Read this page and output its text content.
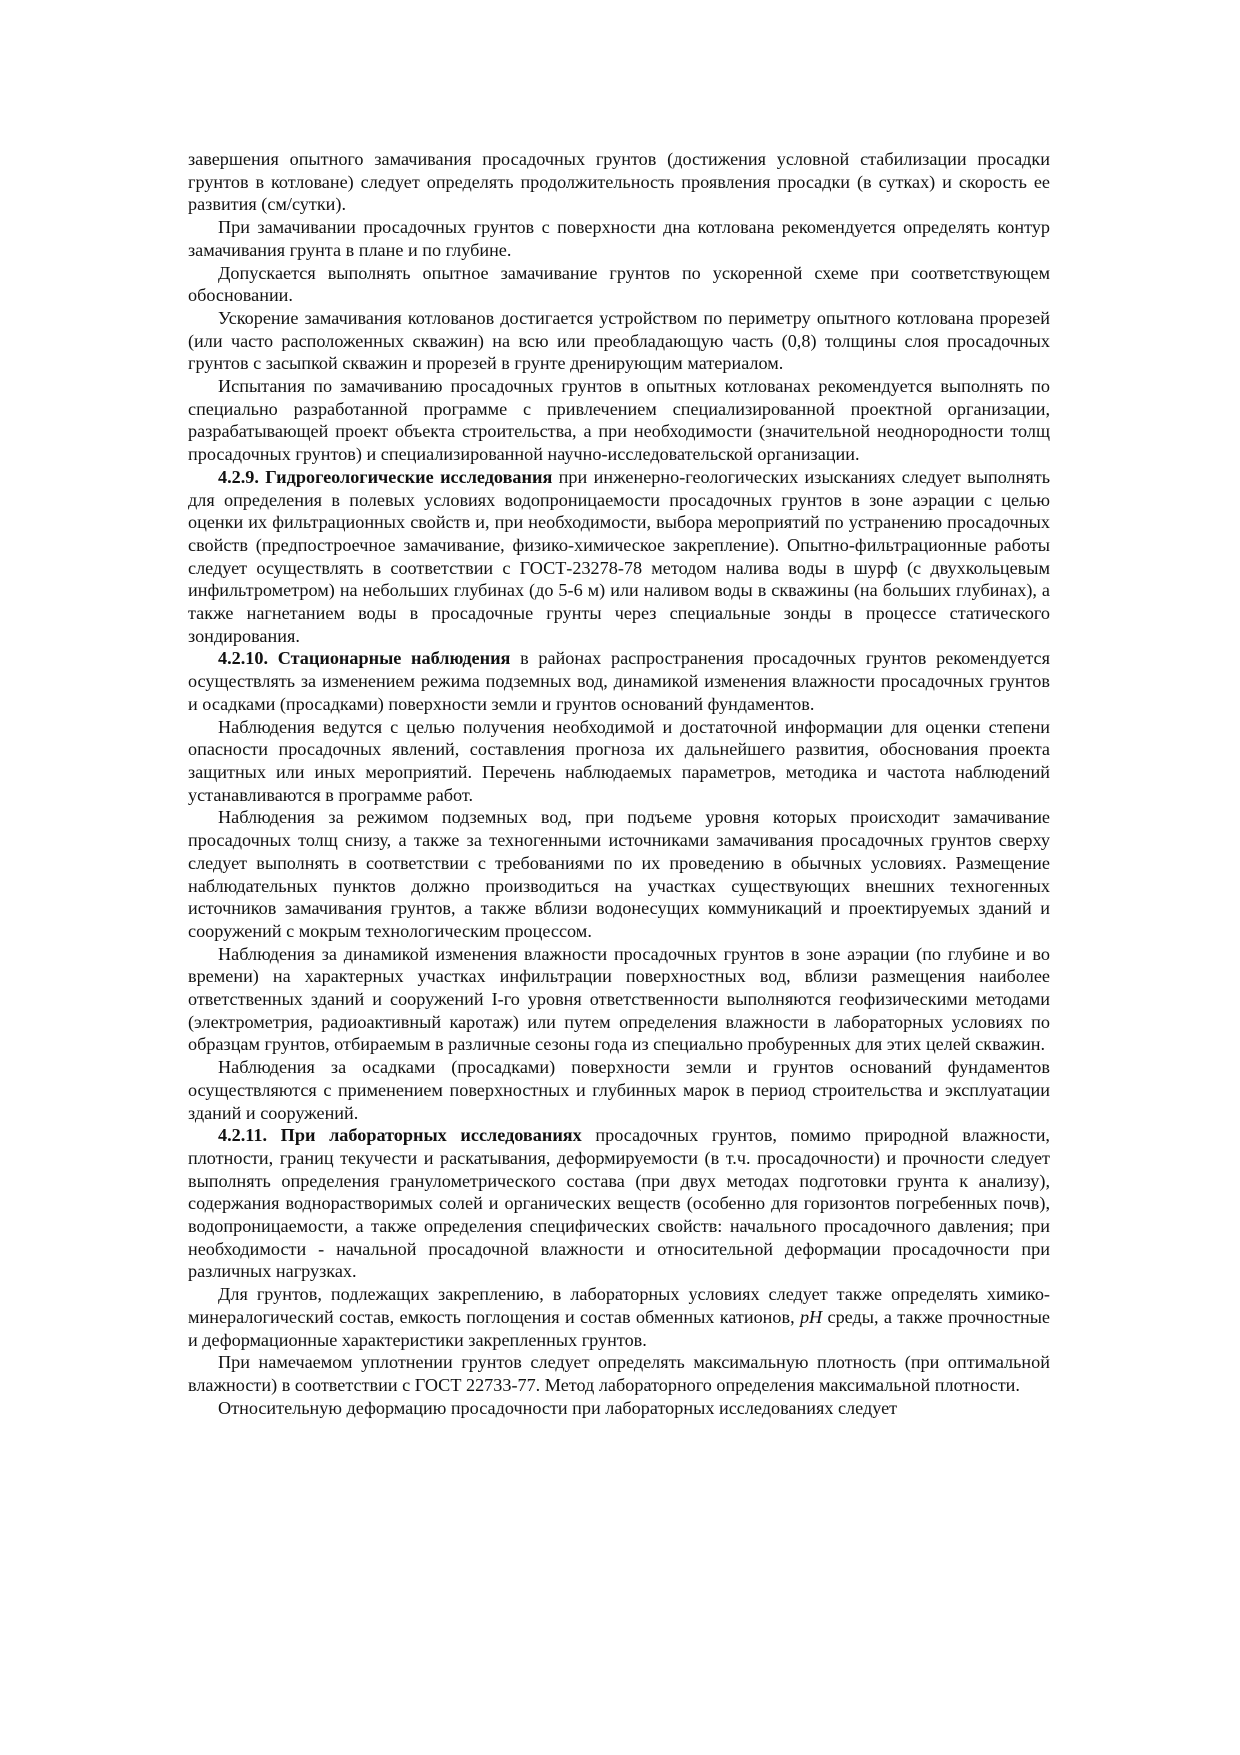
завершения опытного замачивания просадочных грунтов (достижения условной стабилизации просадки грунтов в котловане) следует определять продолжительность проявления просадки (в сутках) и скорость ее развития (см/сутки).

При замачивании просадочных грунтов с поверхности дна котлована рекомендуется определять контур замачивания грунта в плане и по глубине.

Допускается выполнять опытное замачивание грунтов по ускоренной схеме при соответствующем обосновании.

Ускорение замачивания котлованов достигается устройством по периметру опытного котлована прорезей (или часто расположенных скважин) на всю или преобладающую часть (0,8) толщины слоя просадочных грунтов с засыпкой скважин и прорезей в грунте дренирующим материалом.

Испытания по замачиванию просадочных грунтов в опытных котлованах рекомендуется выполнять по специально разработанной программе с привлечением специализированной проектной организации, разрабатывающей проект объекта строительства, а при необходимости (значительной неоднородности толщ просадочных грунтов) и специализированной научно-исследовательской организации.

4.2.9. Гидрогеологические исследования при инженерно-геологических изысканиях следует выполнять для определения в полевых условиях водопроницаемости просадочных грунтов в зоне аэрации с целью оценки их фильтрационных свойств и, при необходимости, выбора мероприятий по устранению просадочных свойств (предпостроечное замачивание, физико-химическое закрепление). Опытно-фильтрационные работы следует осуществлять в соответствии с ГОСТ-23278-78 методом налива воды в шурф (с двухкольцевым инфильтрометром) на небольших глубинах (до 5-6 м) или наливом воды в скважины (на больших глубинах), а также нагнетанием воды в просадочные грунты через специальные зонды в процессе статического зондирования.

4.2.10. Стационарные наблюдения в районах распространения просадочных грунтов рекомендуется осуществлять за изменением режима подземных вод, динамикой изменения влажности просадочных грунтов и осадками (просадками) поверхности земли и грунтов оснований фундаментов.

Наблюдения ведутся с целью получения необходимой и достаточной информации для оценки степени опасности просадочных явлений, составления прогноза их дальнейшего развития, обоснования проекта защитных или иных мероприятий. Перечень наблюдаемых параметров, методика и частота наблюдений устанавливаются в программе работ.

Наблюдения за режимом подземных вод, при подъеме уровня которых происходит замачивание просадочных толщ снизу, а также за техногенными источниками замачивания просадочных грунтов сверху следует выполнять в соответствии с требованиями по их проведению в обычных условиях. Размещение наблюдательных пунктов должно производиться на участках существующих внешних техногенных источников замачивания грунтов, а также вблизи водонесущих коммуникаций и проектируемых зданий и сооружений с мокрым технологическим процессом.

Наблюдения за динамикой изменения влажности просадочных грунтов в зоне аэрации (по глубине и во времени) на характерных участках инфильтрации поверхностных вод, вблизи размещения наиболее ответственных зданий и сооружений I-го уровня ответственности выполняются геофизическими методами (электрометрия, радиоактивный каротаж) или путем определения влажности в лабораторных условиях по образцам грунтов, отбираемым в различные сезоны года из специально пробуренных для этих целей скважин.

Наблюдения за осадками (просадками) поверхности земли и грунтов оснований фундаментов осуществляются с применением поверхностных и глубинных марок в период строительства и эксплуатации зданий и сооружений.

4.2.11. При лабораторных исследованиях просадочных грунтов, помимо природной влажности, плотности, границ текучести и раскатывания, деформируемости (в т.ч. просадочности) и прочности следует выполнять определения гранулометрического состава (при двух методах подготовки грунта к анализу), содержания воднорастворимых солей и органических веществ (особенно для горизонтов погребенных почв), водопроницаемости, а также определения специфических свойств: начального просадочного давления; при необходимости - начальной просадочной влажности и относительной деформации просадочности при различных нагрузках.

Для грунтов, подлежащих закреплению, в лабораторных условиях следует также определять химико-минералогический состав, емкость поглощения и состав обменных катионов, pH среды, а также прочностные и деформационные характеристики закрепленных грунтов.

При намечаемом уплотнении грунтов следует определять максимальную плотность (при оптимальной влажности) в соответствии с ГОСТ 22733-77. Метод лабораторного определения максимальной плотности.

Относительную деформацию просадочности при лабораторных исследованиях следует
